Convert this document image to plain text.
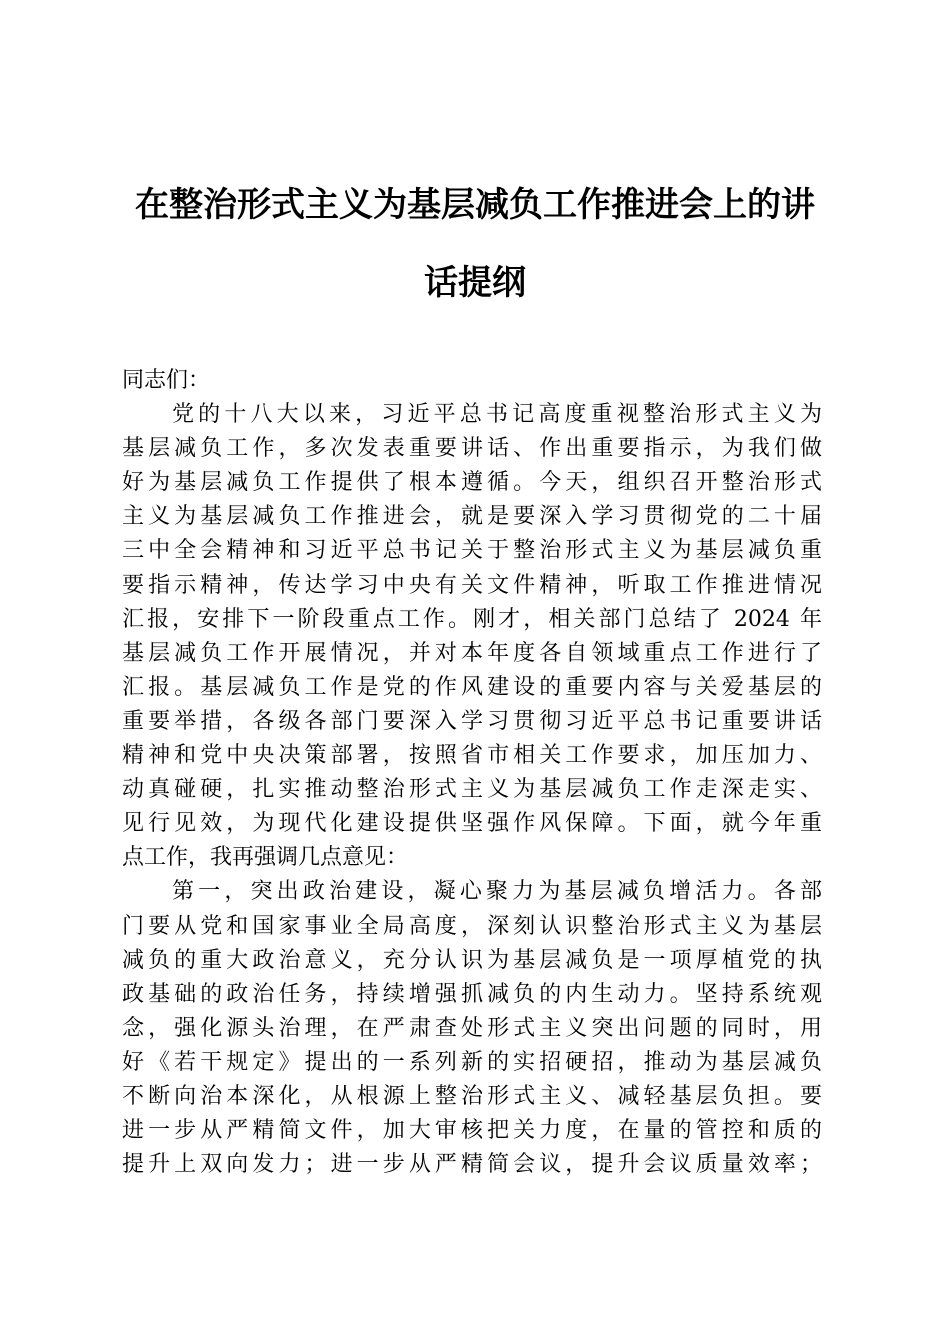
在整治形式主义为基层减负工作推进会上的讲
话提纲
同志们：
党的十八大以来，习近平总书记高度重视整治形式主义为
基层减负工作，多次发表重要讲话、作出重要指示，为我们做
好为基层减负工作提供了根本遵循。今天，组织召开整治形式
主义为基层减负工作推进会，就是要深入学习贯彻党的二十届
三中全会精神和习近平总书记关于整治形式主义为基层减负重
要指示精神，传达学习中央有关文件精神，听取工作推进情况
汇报，安排下一阶段重点工作。刚才，相关部门总结了 2024 年
基层减负工作开展情况，并对本年度各自领域重点工作进行了
汇报。基层减负工作是党的作风建设的重要内容与关爱基层的
重要举措，各级各部门要深入学习贯彻习近平总书记重要讲话
精神和党中央决策部署，按照省市相关工作要求，加压加力、
动真碰硬，扎实推动整治形式主义为基层减负工作走深走实、
见行见效，为现代化建设提供坚强作风保障。下面，就今年重
点工作，我再强调几点意见：
第一，突出政治建设，凝心聚力为基层减负增活力。各部
门要从党和国家事业全局高度，深刻认识整治形式主义为基层
减负的重大政治意义，充分认识为基层减负是一项厚植党的执
政基础的政治任务，持续增强抓减负的内生动力。坚持系统观
念，强化源头治理，在严肃查处形式主义突出问题的同时，用
好《若干规定》提出的一系列新的实招硬招，推动为基层减负
不断向治本深化，从根源上整治形式主义、减轻基层负担。要
进一步从严精简文件，加大审核把关力度，在量的管控和质的
提升上双向发力；进一步从严精简会议，提升会议质量效率；
